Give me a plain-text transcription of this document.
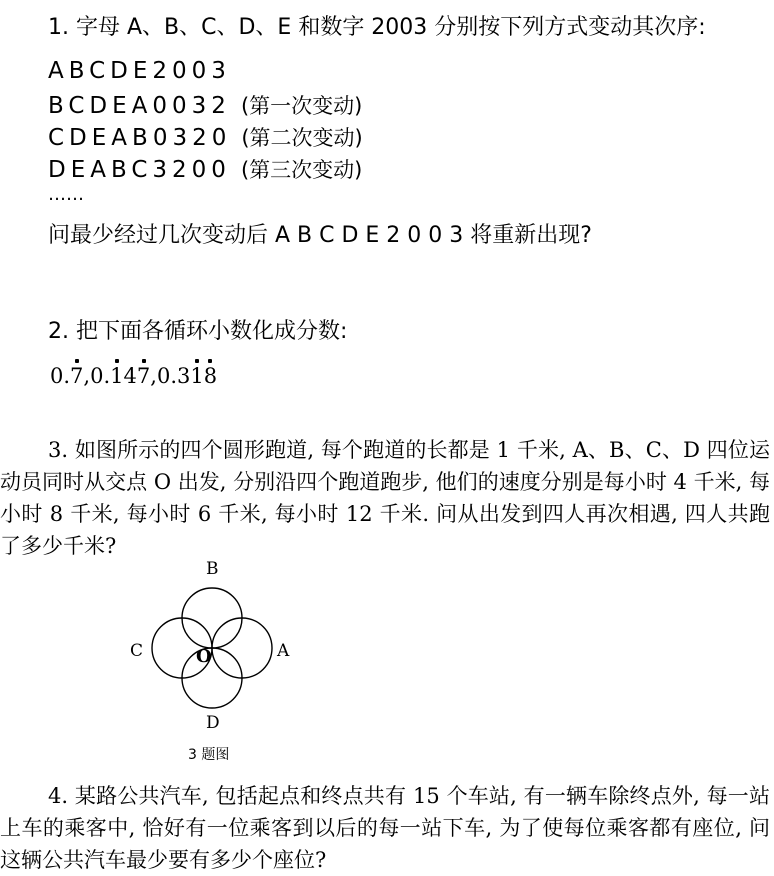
1. 字母 A、B、C、D、E 和数字 2003 分别按下列方式变动其次序:
ABCDE2003
BCDEA0032 (第一次变动)
CDEAB0320 (第二次变动)
DEABC3200 (第三次变动)
……
问最少经过几次变动后 A B C D E 2 0 0 3 将重新出现?
2. 把下面各循环小数化成分数:
0.7,0.147,0.318
3. 如图所示的四个圆形跑道, 每个跑道的长都是 1 千米, A、B、C、D 四位运动员同时从交点 O 出发, 分别沿四个跑道跑步, 他们的速度分别是每小时 4 千米, 每小时 8 千米, 每小时 6 千米, 每小时 12 千米. 问从出发到四人再次相遇, 四人共跑了多少千米?
B
C	A
D
O
3 题图
4. 某路公共汽车, 包括起点和终点共有 15 个车站, 有一辆车除终点外, 每一站上车的乘客中, 恰好有一位乘客到以后的每一站下车, 为了使每位乘客都有座位, 问这辆公共汽车最少要有多少个座位?
